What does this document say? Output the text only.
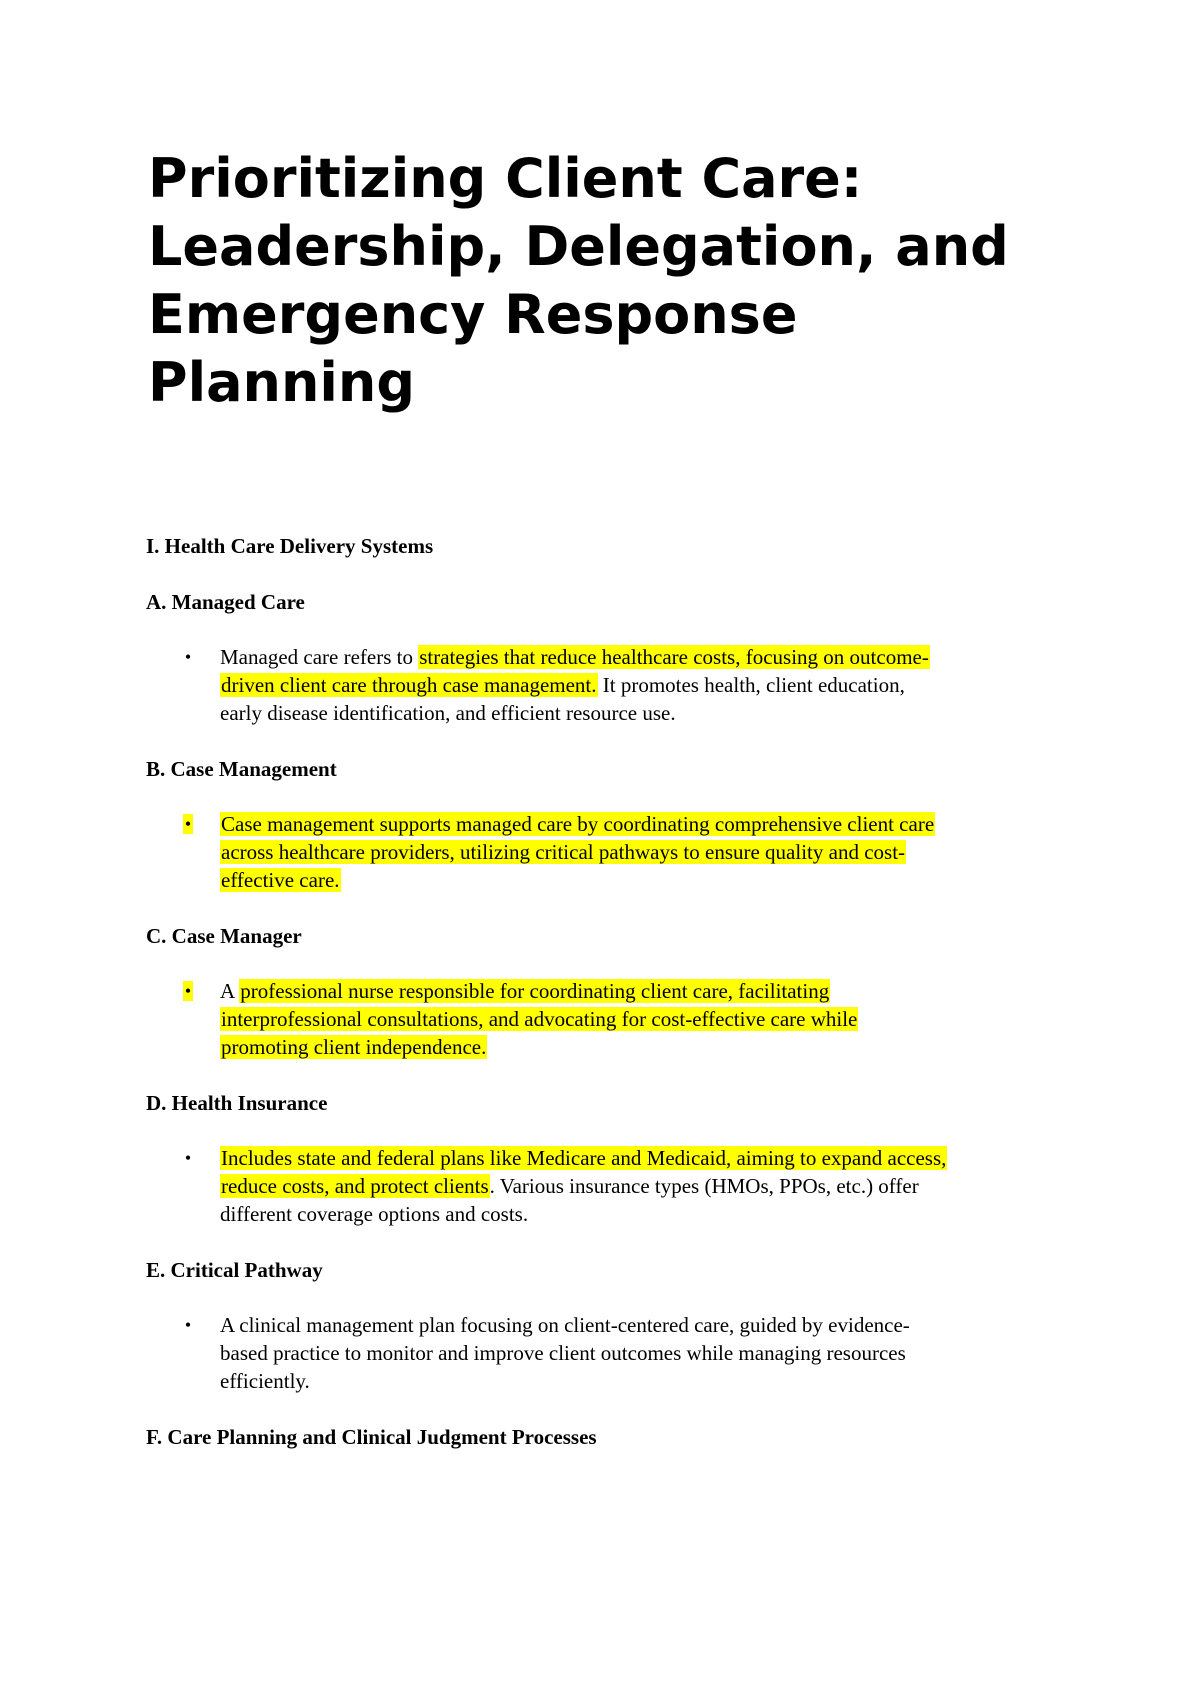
Prioritizing Client Care:
Leadership, Delegation, and
Emergency Response
Planning

I. Health Care Delivery Systems

A. Managed Care

• Managed care refers to strategies that reduce healthcare costs, focusing on outcome-
driven client care through case management. It promotes health, client education,
early disease identification, and efficient resource use.

B. Case Management

• Case management supports managed care by coordinating comprehensive client care
across healthcare providers, utilizing critical pathways to ensure quality and cost-
effective care.

C. Case Manager

• A professional nurse responsible for coordinating client care, facilitating
interprofessional consultations, and advocating for cost-effective care while
promoting client independence.

D. Health Insurance

• Includes state and federal plans like Medicare and Medicaid, aiming to expand access,
reduce costs, and protect clients. Various insurance types (HMOs, PPOs, etc.) offer
different coverage options and costs.

E. Critical Pathway

• A clinical management plan focusing on client-centered care, guided by evidence-
based practice to monitor and improve client outcomes while managing resources
efficiently.

F. Care Planning and Clinical Judgment Processes
